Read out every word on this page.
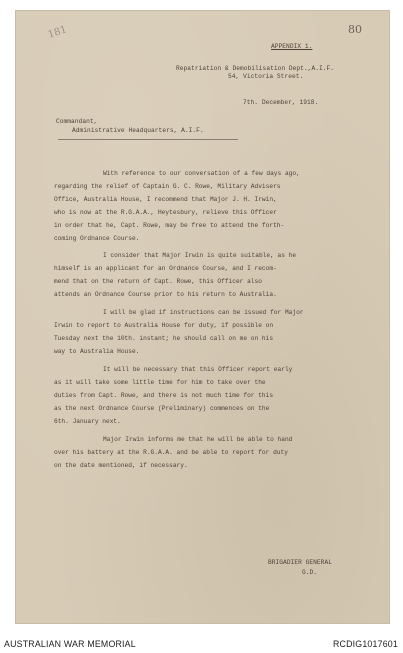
181	80
APPENDIX 1.
Repatriation & Demobilisation Dept.,A.I.F.
54, Victoria Street.
7th. December, 1918.
Commandant,
Administrative Headquarters, A.I.F.
With reference to our conversation of a few days ago,
regarding the relief of Captain G. C. Rowe, Military Advisers
Office, Australia House, I recommend that Major J. H. Irwin,
who is now at the R.G.A.A., Heytesbury, relieve this Officer
in order that he, Capt. Rowe, may be free to attend the forth-
coming Ordnance Course.
I consider that Major Irwin is quite suitable, as he
himself is an applicant for an Ordnance Course, and I recom-
mend that on the return of Capt. Rowe, this Officer also
attends an Ordnance Course prior to his return to Australia.
I will be glad if instructions can be issued for Major
Irwin to report to Australia House for duty, if possible on
Tuesday next the 10th. instant; he should call on me on his
way to Australia House.
It will be necessary that this Officer report early
as it will take some little time for him to take over the
duties from Capt. Rowe, and there is not much time for this
as the next Ordnance Course (Preliminary) commences on the
6th. January next.
Major Irwin informs me that he will be able to hand
over his battery at the R.G.A.A. and be able to report for duty
on the date mentioned, if necessary.
BRIGADIER GENERAL
G.D.
AUSTRALIAN WAR MEMORIAL	RCDIG1017601
